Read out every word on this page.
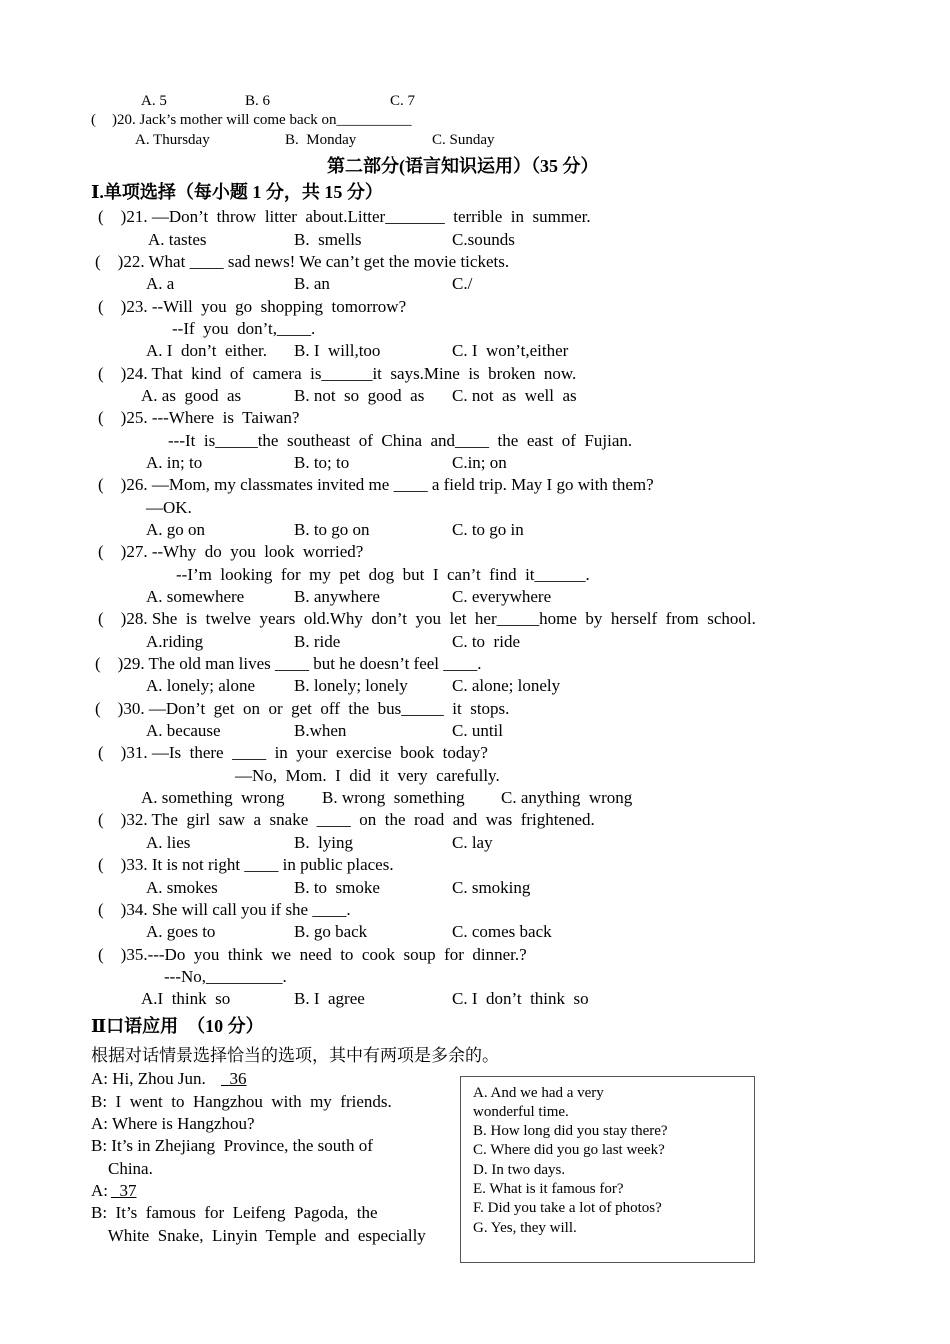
A. 5	B. 6	C. 7
( )20. Jack’s mother will come back on__________
A. Thursday	B.  Monday	C. Sunday
第二部分(语言知识运用）（35 分）
Ⅰ.单项选择（每小题 1 分，共 15 分）
(    )21. —Don’t  throw  litter  about.Litter_______  terrible  in  summer.
A. tastes	B.  smells	C.sounds
(    )22. What ____ sad news! We can’t get the movie tickets.
A. a	B. an	C./
(    )23. --Will  you  go  shopping  tomorrow?
--If  you  don’t,____.
A. I  don’t  either. B. I  will,too	C. I  won’t,either
(    )24. That  kind  of  camera  is______it  says.Mine  is  broken  now.
A. as  good  as	B. not  so  good  as C. not  as  well  as
(    )25. ---Where  is  Taiwan?
---It  is_____the  southeast  of  China  and____  the  east  of  Fujian.
A. in; to	B. to; to	C.in; on
(    )26. —Mom, my classmates invited me ____ a field trip. May I go with them?
—OK.
A. go on	B. to go on	C. to go in
(    )27. --Why  do  you  look  worried?
--I’m  looking  for  my  pet  dog  but  I  can’t  find  it______.
A. somewhere	B. anywhere	C. everywhere
(    )28. She  is  twelve  years  old.Why  don’t  you  let  her_____home  by  herself  from  school.
A.riding	B. ride	C. to  ride
(    )29. The old man lives ____ but he doesn’t feel ____.
A. lonely; alone B. lonely; lonely	C. alone; lonely
(    )30. —Don’t  get  on  or  get  off  the  bus_____  it  stops.
A. because	B.when	C. until
(    )31. —Is  there  ____  in  your  exercise  book  today?
—No,  Mom.  I  did  it  very  carefully.
A. something  wrong B. wrong  something C. anything  wrong
(    )32. The  girl  saw  a  snake  ____  on  the  road  and  was  frightened.
A. lies	B.  lying	C. lay
(    )33. It is not right ____ in public places.
A. smokes	B. to  smoke	C. smoking
(    )34. She will call you if she ____.
A. goes to	B. go back	C. comes back
(    )35.---Do  you  think  we  need  to  cook  soup  for  dinner.?
---No,_________.
A.I  think  so	B. I  agree	C. I  don’t  think  so
Ⅱ口语应用  （10 分）
根据对话情景选择恰当的选项，其中有两项是多余的。
A: Hi, Zhou Jun. 36
B:  I  went  to  Hangzhou  with  my  friends.
A: Where is Hangzhou?
B: It’s in Zhejiang  Province, the south of
China.
A: 37
B:  It’s  famous  for  Leifeng  Pagoda,  the
White  Snake,  Linyin  Temple  and  especially
A. And we had a very
wonderful time.
B. How long did you stay there?
C. Where did you go last week?
D. In two days.
E. What is it famous for?
F. Did you take a lot of photos?
G. Yes, they will.
